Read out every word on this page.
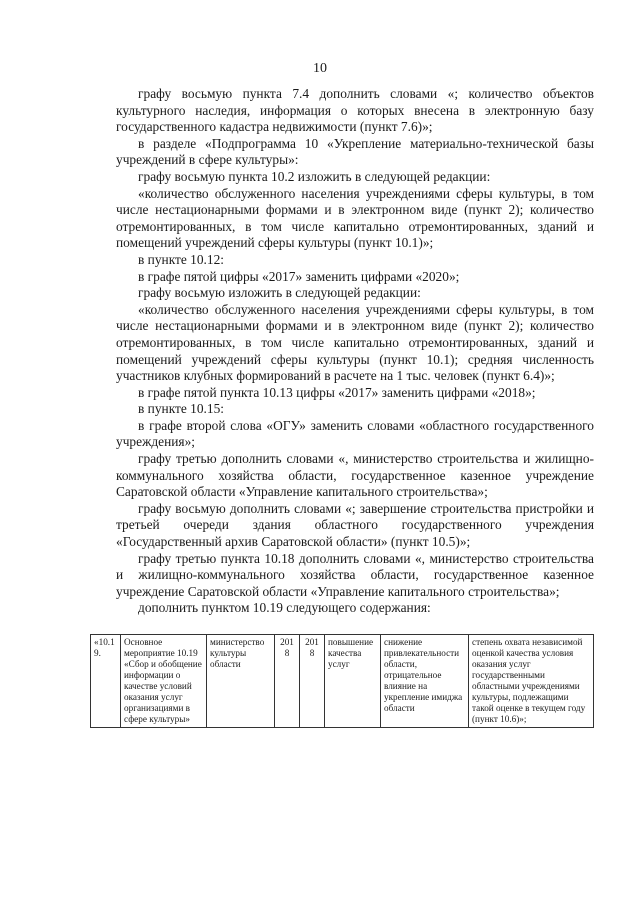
10

графу восьмую пункта 7.4 дополнить словами «; количество объектов культурного наследия, информация о которых внесена в электронную базу государственного кадастра недвижимости (пункт 7.6)»;

в разделе «Подпрограмма 10 «Укрепление материально-технической базы учреждений в сфере культуры»:

графу восьмую пункта 10.2 изложить в следующей редакции:

«количество обслуженного населения учреждениями сферы культуры, в том числе нестационарными формами и в электронном виде (пункт 2); количество отремонтированных, в том числе капитально отремонтированных, зданий и помещений учреждений сферы культуры (пункт 10.1)»;

в пункте 10.12:

в графе пятой цифры «2017» заменить цифрами «2020»;

графу восьмую изложить в следующей редакции:

«количество обслуженного населения учреждениями сферы культуры, в том числе нестационарными формами и в электронном виде (пункт 2); количество отремонтированных, в том числе капитально отремонтированных, зданий и помещений учреждений сферы культуры (пункт 10.1); средняя численность участников клубных формирований в расчете на 1 тыс. человек (пункт 6.4)»;

в графе пятой пункта 10.13 цифры «2017» заменить цифрами «2018»;

в пункте 10.15:

в графе второй слова «ОГУ» заменить словами «областного государственного учреждения»;

графу третью дополнить словами «, министерство строительства и жилищно-коммунального хозяйства области, государственное казенное учреждение Саратовской области «Управление капитального строительства»;

графу восьмую дополнить словами «; завершение строительства пристройки и третьей очереди здания областного государственного учреждения «Государственный архив Саратовской области» (пункт 10.5)»;

графу третью пункта 10.18 дополнить словами «, министерство строительства и жилищно-коммунального хозяйства области, государственное казенное учреждение Саратовской области «Управление капитального строительства»;

дополнить пунктом 10.19 следующего содержания:

«10.19.	Основное мероприятие 10.19 «Сбор и обобщение информации о качестве условий оказания услуг организациями в сфере культуры»	министерство культуры области	2018	2018	повышение качества услуг	снижение привлекательности области, отрицательное влияние на укрепление имиджа области	степень охвата независимой оценкой качества условия оказания услуг государственными областными учреждениями культуры, подлежащими такой оценке в текущем году (пункт 10.6)»;
